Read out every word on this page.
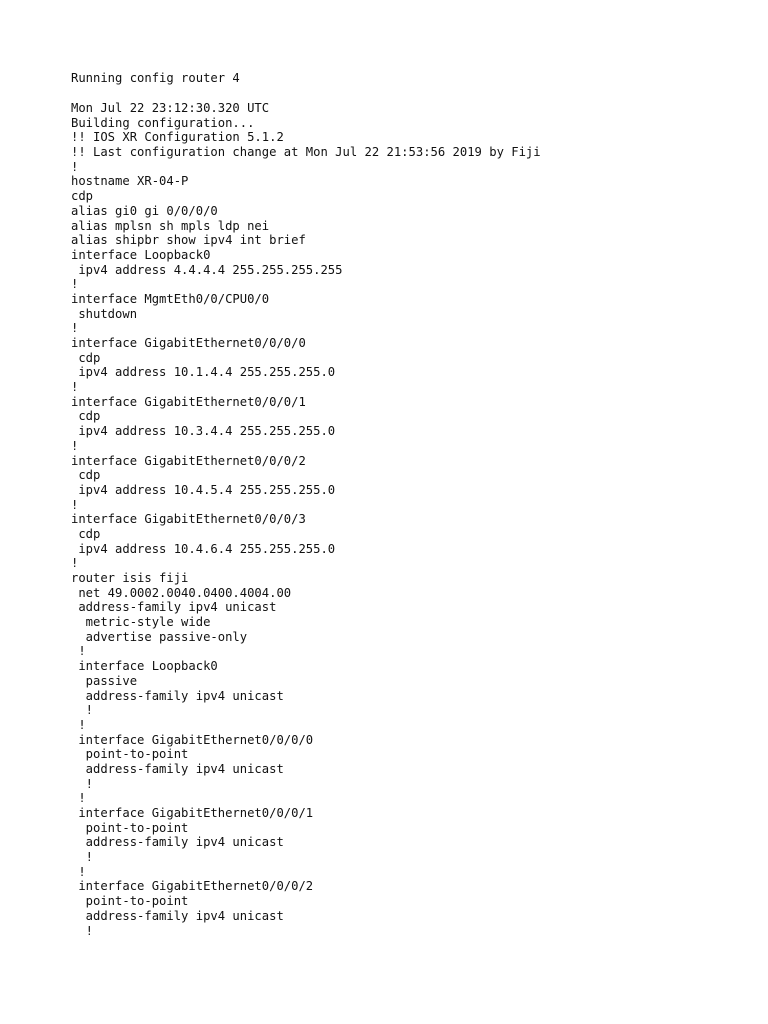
Running config router 4
Mon Jul 22 23:12:30.320 UTC
Building configuration...
!! IOS XR Configuration 5.1.2
!! Last configuration change at Mon Jul 22 21:53:56 2019 by Fiji
!
hostname XR-04-P
cdp
alias gi0 gi 0/0/0/0
alias mplsn sh mpls ldp nei
alias shipbr show ipv4 int brief
interface Loopback0
ipv4 address 4.4.4.4 255.255.255.255
!
interface MgmtEth0/0/CPU0/0
shutdown
!
interface GigabitEthernet0/0/0/0
cdp
ipv4 address 10.1.4.4 255.255.255.0
!
interface GigabitEthernet0/0/0/1
cdp
ipv4 address 10.3.4.4 255.255.255.0
!
interface GigabitEthernet0/0/0/2
cdp
ipv4 address 10.4.5.4 255.255.255.0
!
interface GigabitEthernet0/0/0/3
cdp
ipv4 address 10.4.6.4 255.255.255.0
!
router isis fiji
net 49.0002.0040.0400.4004.00
address-family ipv4 unicast
metric-style wide
advertise passive-only
!
interface Loopback0
passive
address-family ipv4 unicast
!
!
interface GigabitEthernet0/0/0/0
point-to-point
address-family ipv4 unicast
!
!
interface GigabitEthernet0/0/0/1
point-to-point
address-family ipv4 unicast
!
!
interface GigabitEthernet0/0/0/2
point-to-point
address-family ipv4 unicast
!
